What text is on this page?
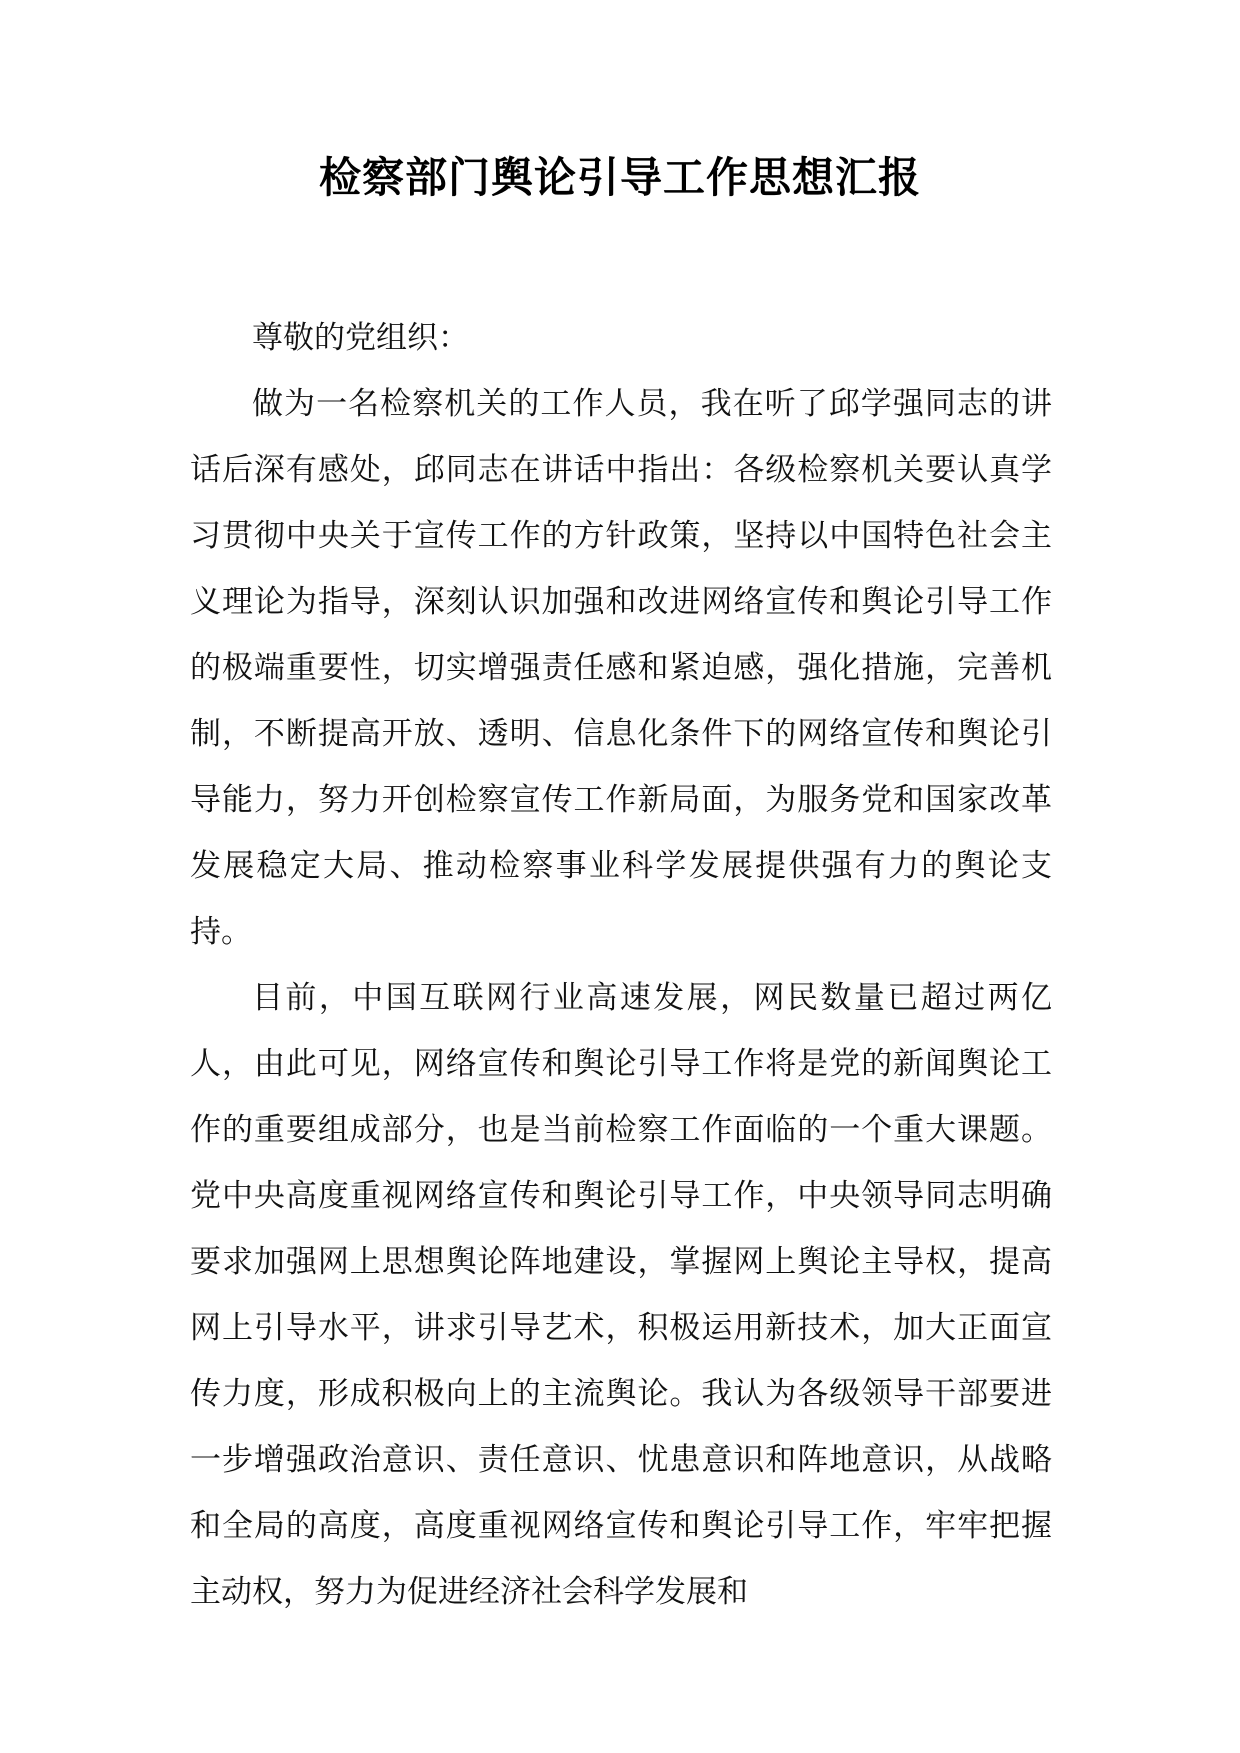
检察部门舆论引导工作思想汇报

尊敬的党组织：

做为一名检察机关的工作人员，我在听了邱学强同志的讲话后深有感处，邱同志在讲话中指出：各级检察机关要认真学习贯彻中央关于宣传工作的方针政策，坚持以中国特色社会主义理论为指导，深刻认识加强和改进网络宣传和舆论引导工作的极端重要性，切实增强责任感和紧迫感，强化措施，完善机制，不断提高开放、透明、信息化条件下的网络宣传和舆论引导能力，努力开创检察宣传工作新局面，为服务党和国家改革发展稳定大局、推动检察事业科学发展提供强有力的舆论支持。

目前，中国互联网行业高速发展，网民数量已超过两亿人，由此可见，网络宣传和舆论引导工作将是党的新闻舆论工作的重要组成部分，也是当前检察工作面临的一个重大课题。党中央高度重视网络宣传和舆论引导工作，中央领导同志明确要求加强网上思想舆论阵地建设，掌握网上舆论主导权，提高网上引导水平，讲求引导艺术，积极运用新技术，加大正面宣传力度，形成积极向上的主流舆论。我认为各级领导干部要进一步增强政治意识、责任意识、忧患意识和阵地意识，从战略和全局的高度，高度重视网络宣传和舆论引导工作，牢牢把握主动权，努力为促进经济社会科学发展和
